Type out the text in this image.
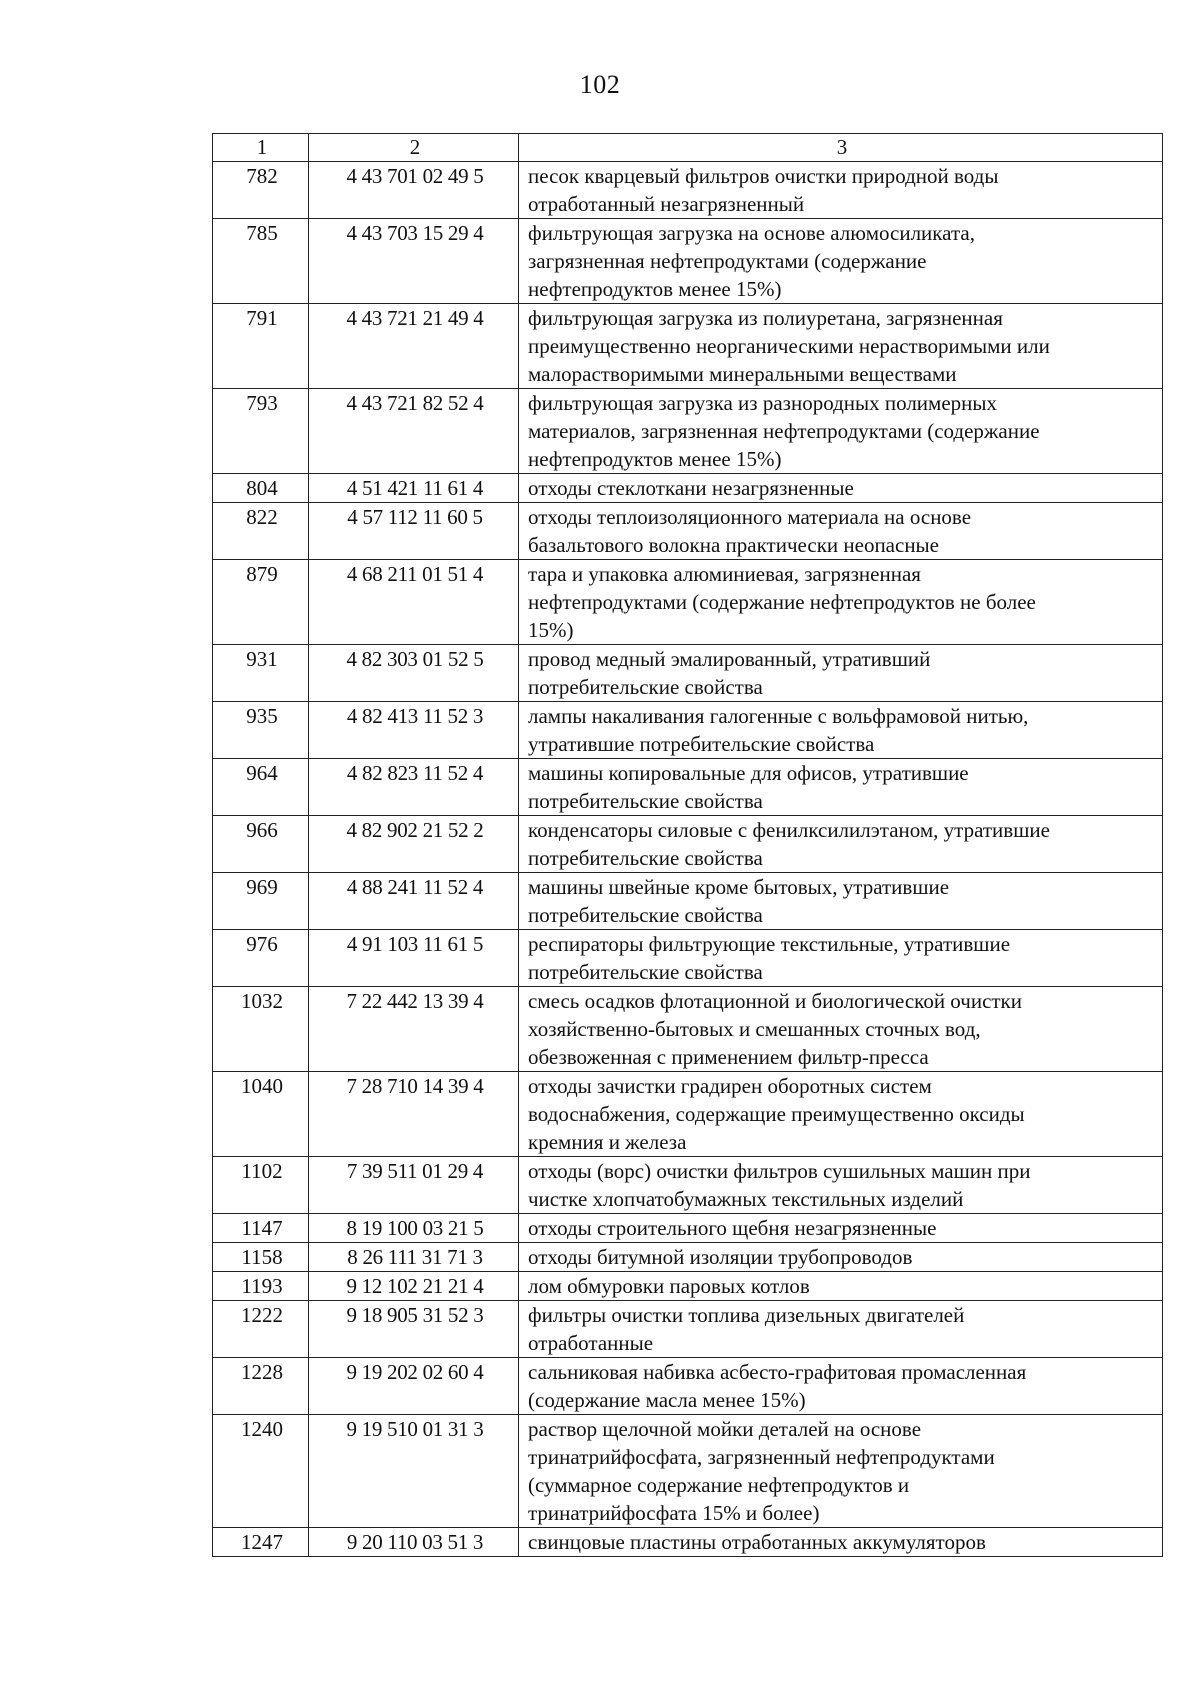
102
1	2	3
782	4 43 701 02 49 5	песок кварцевый фильтров очистки природной воды
отработанный незагрязненный

785	4 43 703 15 29 4	фильтрующая загрузка на основе алюмосиликата,
загрязненная нефтепродуктами (содержание
нефтепродуктов менее 15%)

791	4 43 721 21 49 4	фильтрующая загрузка из полиуретана, загрязненная
преимущественно неорганическими нерастворимыми или
малорастворимыми минеральными веществами

793	4 43 721 82 52 4	фильтрующая загрузка из разнородных полимерных
материалов, загрязненная нефтепродуктами (содержание
нефтепродуктов менее 15%)

804	4 51 421 11 61 4	отходы стеклоткани незагрязненные

822	4 57 112 11 60 5	отходы теплоизоляционного материала на основе
базальтового волокна практически неопасные

879	4 68 211 01 51 4	тара и упаковка алюминиевая, загрязненная
нефтепродуктами (содержание нефтепродуктов не более
15%)

931	4 82 303 01 52 5	провод медный эмалированный, утративший
потребительские свойства

935	4 82 413 11 52 3	лампы накаливания галогенные с вольфрамовой нитью,
утратившие потребительские свойства

964	4 82 823 11 52 4	машины копировальные для офисов, утратившие
потребительские свойства

966	4 82 902 21 52 2	конденсаторы силовые с фенилксилилэтаном, утратившие
потребительские свойства

969	4 88 241 11 52 4	машины швейные кроме бытовых, утратившие
потребительские свойства

976	4 91 103 11 61 5	респираторы фильтрующие текстильные, утратившие
потребительские свойства

1032	7 22 442 13 39 4	смесь осадков флотационной и биологической очистки
хозяйственно-бытовых и смешанных сточных вод,
обезвоженная с применением фильтр-пресса

1040	7 28 710 14 39 4	отходы зачистки градирен оборотных систем
водоснабжения, содержащие преимущественно оксиды
кремния и железа

1102	7 39 511 01 29 4	отходы (ворс) очистки фильтров сушильных машин при
чистке хлопчатобумажных текстильных изделий

1147	8 19 100 03 21 5	отходы строительного щебня незагрязненные

1158	8 26 111 31 71 3	отходы битумной изоляции трубопроводов

1193	9 12 102 21 21 4	лом обмуровки паровых котлов

1222	9 18 905 31 52 3	фильтры очистки топлива дизельных двигателей
отработанные

1228	9 19 202 02 60 4	сальниковая набивка асбесто-графитовая промасленная
(содержание масла менее 15%)

1240	9 19 510 01 31 3	раствор щелочной мойки деталей на основе
тринатрийфосфата, загрязненный нефтепродуктами
(суммарное содержание нефтепродуктов и
тринатрийфосфата 15% и более)

1247	9 20 110 03 51 3	свинцовые пластины отработанных аккумуляторов
